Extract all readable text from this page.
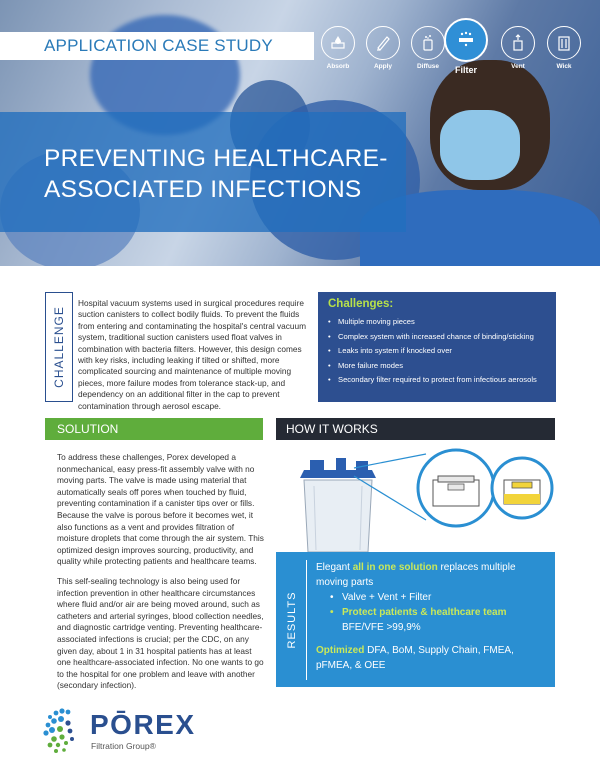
APPLICATION CASE STUDY
PREVENTING HEALTHCARE-ASSOCIATED INFECTIONS
Absorb	Apply	Diffuse	Filter	Vent	Wick
CHALLENGE
Hospital vacuum systems used in surgical procedures require suction canisters to collect bodily fluids. To prevent the fluids from entering and contaminating the hospital's central vacuum system, traditional suction canisters used float valves in combination with bacteria filters. However, this design comes with key risks, including leaking if tilted or shifted, more complicated sourcing and maintenance of multiple moving pieces, more failure modes from tolerance stack-up, and dependency on an additional filter in the cap to prevent contamination through aerosol escape.
Challenges:
• Multiple moving pieces
• Complex system with increased chance of binding/sticking
• Leaks into system if knocked over
• More failure modes
• Secondary filter required to protect from infectious aerosols
SOLUTION

To address these challenges, Porex developed a nonmechanical, easy press-fit assembly valve with no moving parts. The valve is made using material that automatically seals off pores when touched by fluid, preventing contamination if a canister tips over or fills. Because the valve is porous before it becomes wet, it also functions as a vent and provides filtration of moisture droplets that come through the air system. This optimized design improves sourcing, productivity, and quality while protecting patients and healthcare teams.

This self-sealing technology is also being used for infection prevention in other healthcare circumstances where fluid and/or air are being moved around, such as catheters and arterial syringes, blood collection needles, and diagnostic cartridge venting. Preventing healthcare-associated infections is crucial; per the CDC, on any given day, about 1 in 31 hospital patients has at least one healthcare-associated infection. No one wants to go to the hospital for one problem and leave with another (secondary infection).

HOW IT WORKS
RESULTS
Elegant all in one solution replaces multiple moving parts
• Valve + Vent + Filter
• Protect patients & healthcare team
BFE/VFE >99,9%
Optimized DFA, BoM, Supply Chain, FMEA, pFMEA, & OEE
PŌREX
Filtration Group®
